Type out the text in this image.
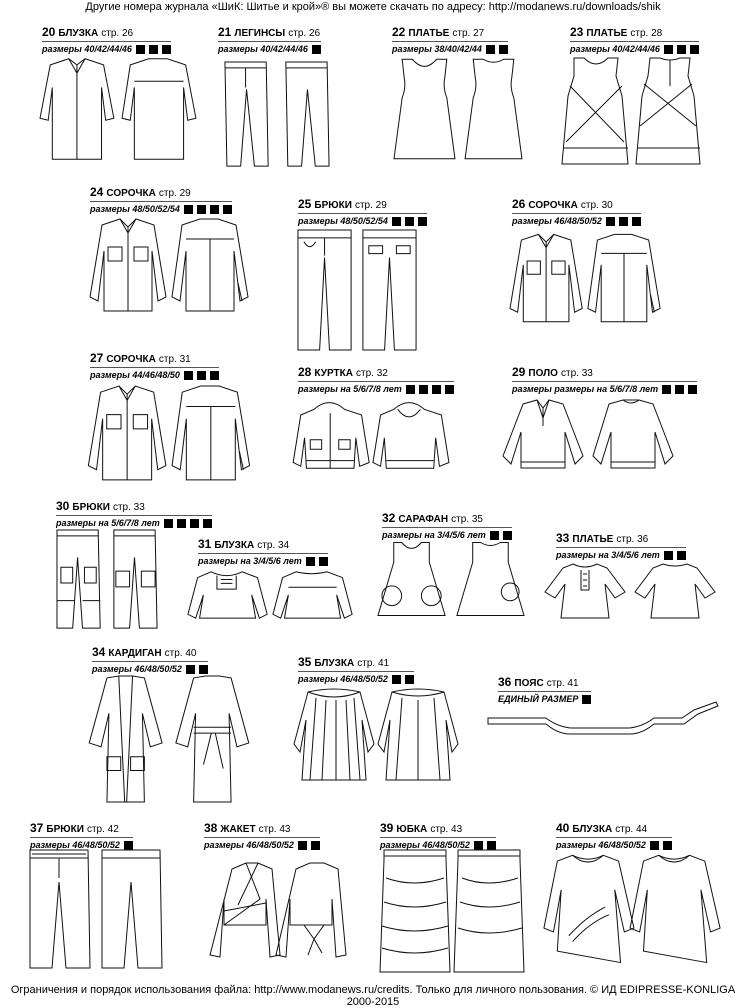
Другие номера журнала «ШиК: Шитье и крой»® вы можете скачать по адресу: http://modanews.ru/downloads/shik
20 БЛУЗКА стр. 26
размеры 40/42/44/46
21 ЛЕГИНСЫ стр. 26
размеры 40/42/44/46
22 ПЛАТЬЕ стр. 27
размеры 38/40/42/44
23 ПЛАТЬЕ стр. 28
размеры 40/42/44/46
24 СОРОЧКА стр. 29
размеры 48/50/52/54	25 БРЮКИ стр. 29
размеры 48/50/52/54
26 СОРОЧКА стр. 30
размеры 46/48/50/52
27 СОРОЧКА стр. 31
размеры 44/46/48/50	28 КУРТКА стр. 32
размеры на 5/6/7/8 лет
29 ПОЛО стр. 33
размеры размеры на 5/6/7/8 лет
30 БРЮКИ стр. 33
размеры на 5/6/7/8 лет
31 БЛУЗКА стр. 34
размеры на 3/4/5/6 лет
32 САРАФАН стр. 35
размеры на 3/4/5/6 лет	33 ПЛАТЬЕ стр. 36
размеры на 3/4/5/6 лет
34 КАРДИГАН стр. 40
размеры 46/48/50/52	35 БЛУЗКА стр. 41
размеры 46/48/50/52	36 ПОЯС стр. 41
ЕДИНЫЙ РАЗМЕР
37 БРЮКИ стр. 42
размеры 46/48/50/52
38 ЖАКЕТ стр. 43
размеры 46/48/50/52
39 ЮБКА стр. 43
размеры 46/48/50/52
40 БЛУЗКА стр. 44
размеры 46/48/50/52
Ограничения и порядок использования файла: http://www.modanews.ru/credits. Только для личного пользования. © ИД EDIPRESSE-KONLIGA 2000-2015
